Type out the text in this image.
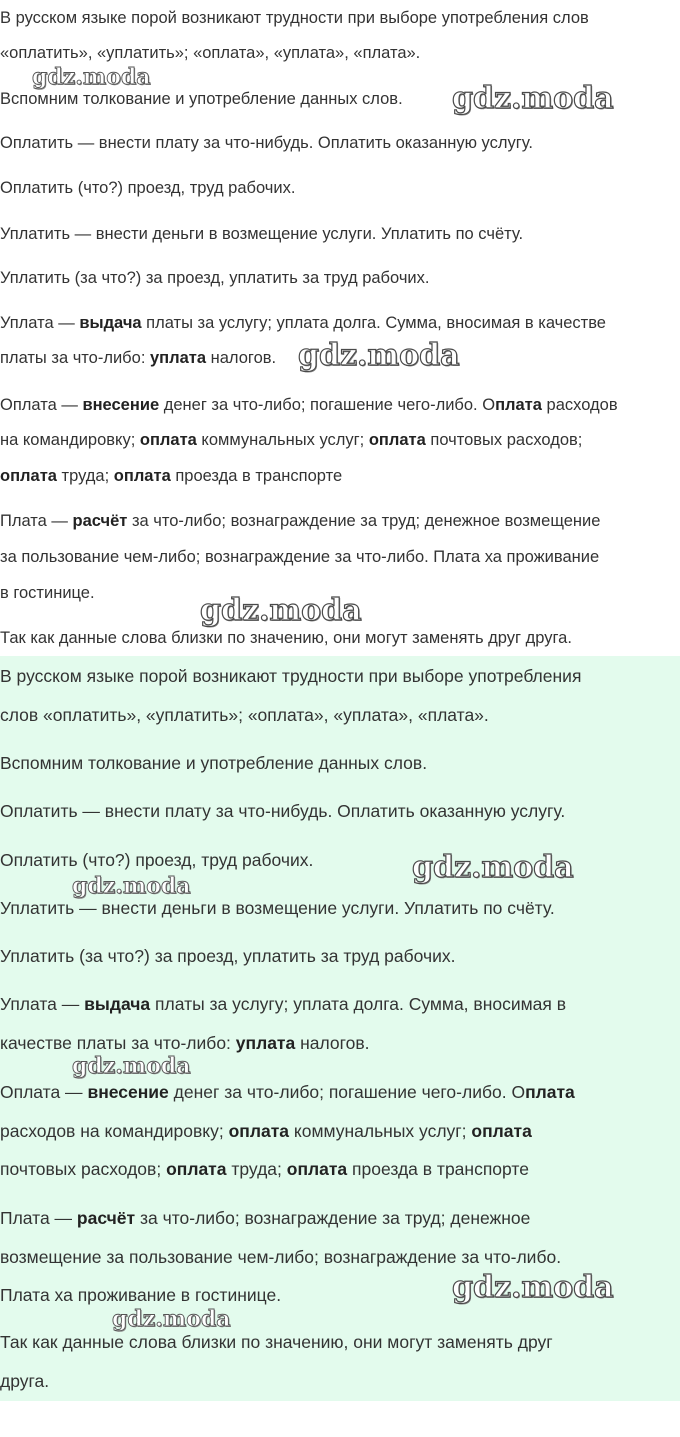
В русском языке порой возникают трудности при выборе употребления слов

«оплатить», «уплатить»; «оплата», «уплата», «плата».

Вспомним толкование и употребление данных слов.

Оплатить — внести плату за что-нибудь. Оплатить оказанную услугу.

Оплатить (что?) проезд, труд рабочих.

Уплатить — внести деньги в возмещение услуги. Уплатить по счёту.

Уплатить (за что?) за проезд, уплатить за труд рабочих.

Уплата — выдача платы за услугу; уплата долга. Сумма, вносимая в качестве

платы за что-либо: уплата налогов.

Оплата — внесение денег за что-либо; погашение чего-либо. Оплата расходов

на командировку; оплата коммунальных услуг; оплата почтовых расходов;

оплата труда; оплата проезда в транспорте

Плата — расчёт за что-либо; вознаграждение за труд; денежное возмещение

за пользование чем-либо; вознаграждение за что-либо. Плата ха проживание

в гостинице.

Так как данные слова близки по значению, они могут заменять друг друга.

В русском языке порой возникают трудности при выборе употребления

слов «оплатить», «уплатить»; «оплата», «уплата», «плата».

Вспомним толкование и употребление данных слов.

Оплатить — внести плату за что-нибудь. Оплатить оказанную услугу.

Оплатить (что?) проезд, труд рабочих.

Уплатить — внести деньги в возмещение услуги. Уплатить по счёту.

Уплатить (за что?) за проезд, уплатить за труд рабочих.

Уплата — выдача платы за услугу; уплата долга. Сумма, вносимая в

качестве платы за что-либо: уплата налогов.

Оплата — внесение денег за что-либо; погашение чего-либо. Оплата

расходов на командировку; оплата коммунальных услуг; оплата

почтовых расходов; оплата труда; оплата проезда в транспорте

Плата — расчёт за что-либо; вознаграждение за труд; денежное

возмещение за пользование чем-либо; вознаграждение за что-либо.

Плата ха проживание в гостинице.

Так как данные слова близки по значению, они могут заменять друг

друга.

gdz.moda
gdz.moda
gdz.moda
gdz.moda
gdz.moda
gdz.moda
gdz.moda
gdz.moda
gdz.moda
